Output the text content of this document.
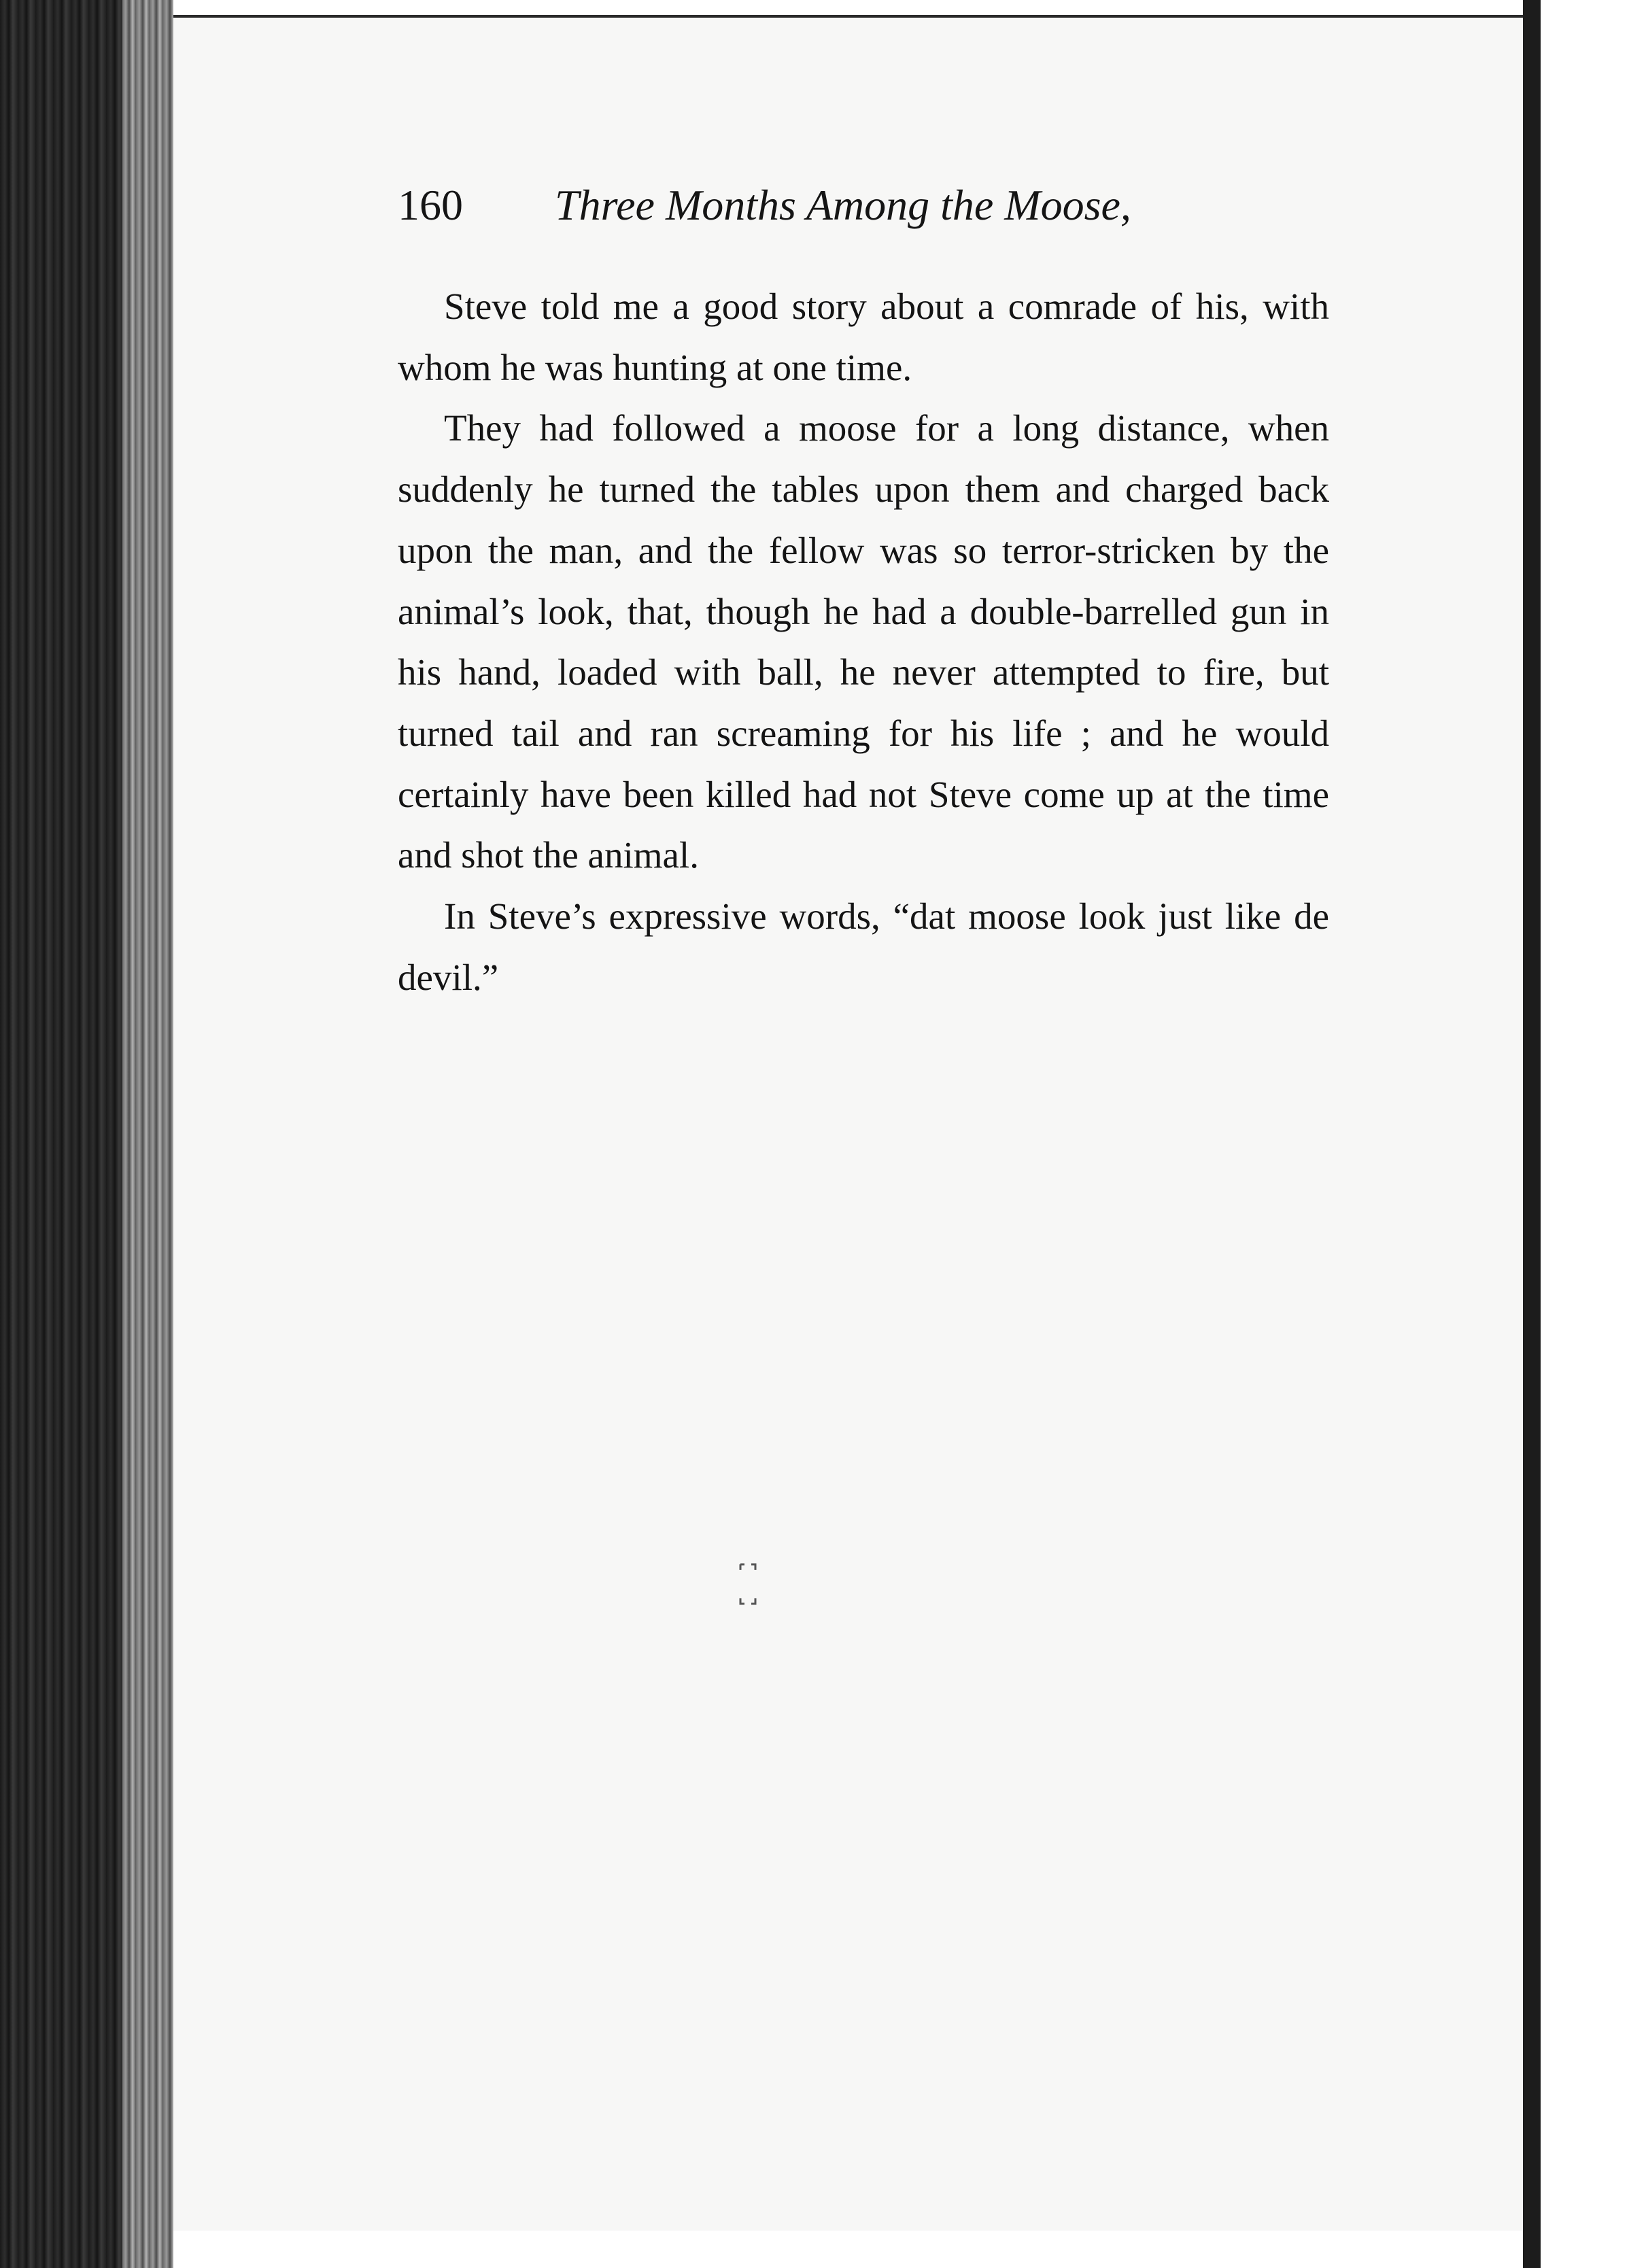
160 Three Months Among the Moose,

Steve told me a good story about a comrade of his, with whom he was hunting at one time.

They had followed a moose for a long distance, when suddenly he turned the tables upon them and charged back upon the man, and the fellow was so terror-stricken by the animal’s look, that, though he had a double-barrelled gun in his hand, loaded with ball, he never attempted to fire, but turned tail and ran screaming for his life ; and he would certainly have been killed had not Steve come up at the time and shot the animal.

In Steve’s expressive words, “dat moose look just like de devil.”
